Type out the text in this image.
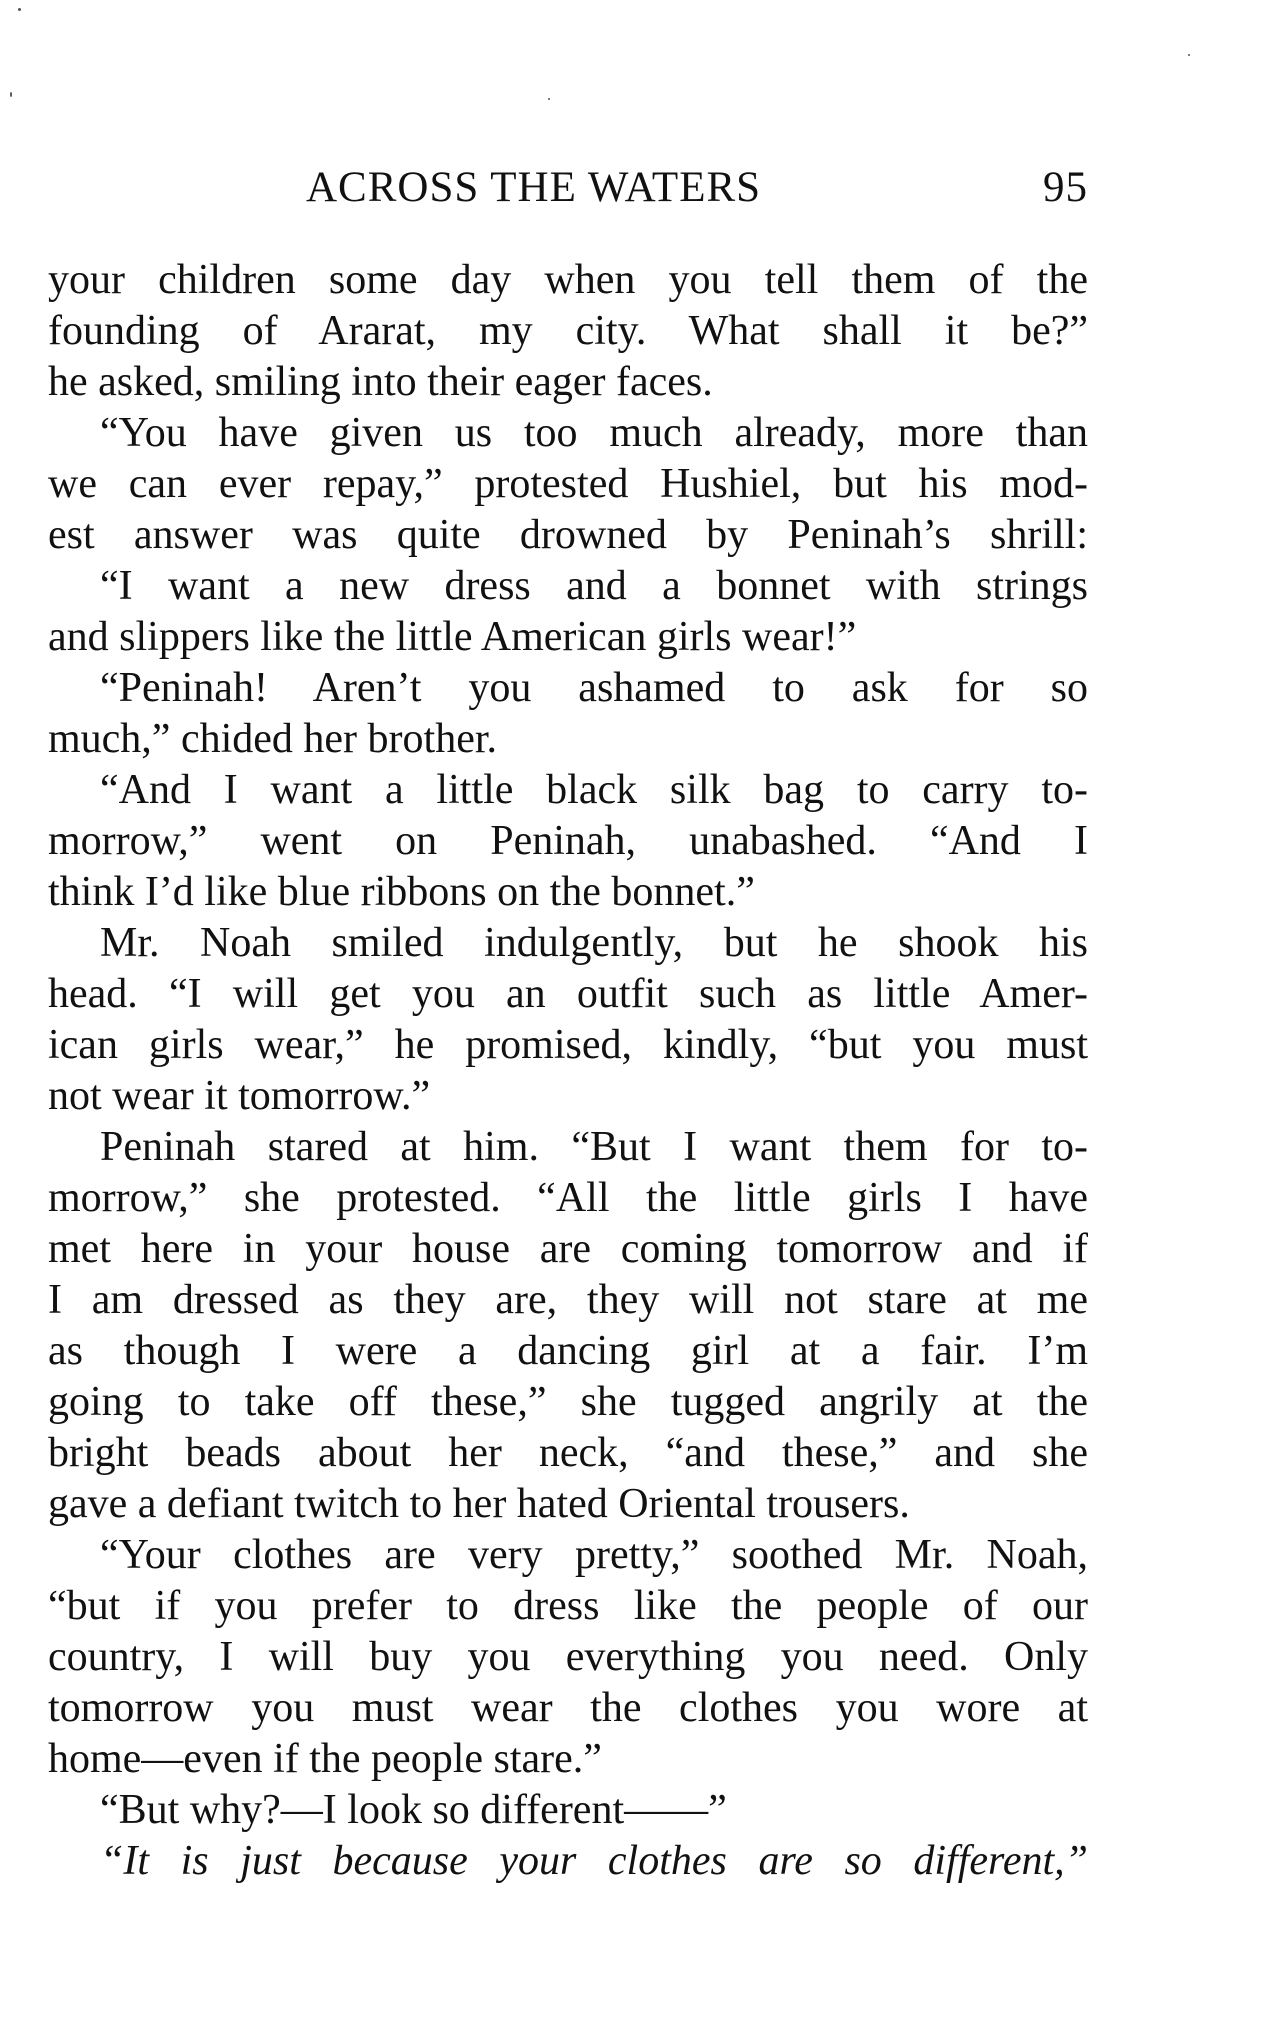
ACROSS THE WATERS	95
your children some day when you tell them of the
founding of Ararat, my city. What shall it be?”
he asked, smiling into their eager faces.
“You have given us too much already, more than
we can ever repay,” protested Hushiel, but his mod-
est answer was quite drowned by Peninah’s shrill:
“I want a new dress and a bonnet with strings
and slippers like the little American girls wear!”
“Peninah! Aren’t you ashamed to ask for so
much,” chided her brother.
“And I want a little black silk bag to carry to-
morrow,” went on Peninah, unabashed. “And I
think I’d like blue ribbons on the bonnet.”
Mr. Noah smiled indulgently, but he shook his
head. “I will get you an outfit such as little Amer-
ican girls wear,” he promised, kindly, “but you must
not wear it tomorrow.”
Peninah stared at him. “But I want them for to-
morrow,” she protested. “All the little girls I have
met here in your house are coming tomorrow and if
I am dressed as they are, they will not stare at me
as though I were a dancing girl at a fair. I’m
going to take off these,” she tugged angrily at the
bright beads about her neck, “and these,” and she
gave a defiant twitch to her hated Oriental trousers.
“Your clothes are very pretty,” soothed Mr. Noah,
“but if you prefer to dress like the people of our
country, I will buy you everything you need. Only
tomorrow you must wear the clothes you wore at
home—even if the people stare.”
“But why?—I look so different——”
“It is just because your clothes are so different,”
